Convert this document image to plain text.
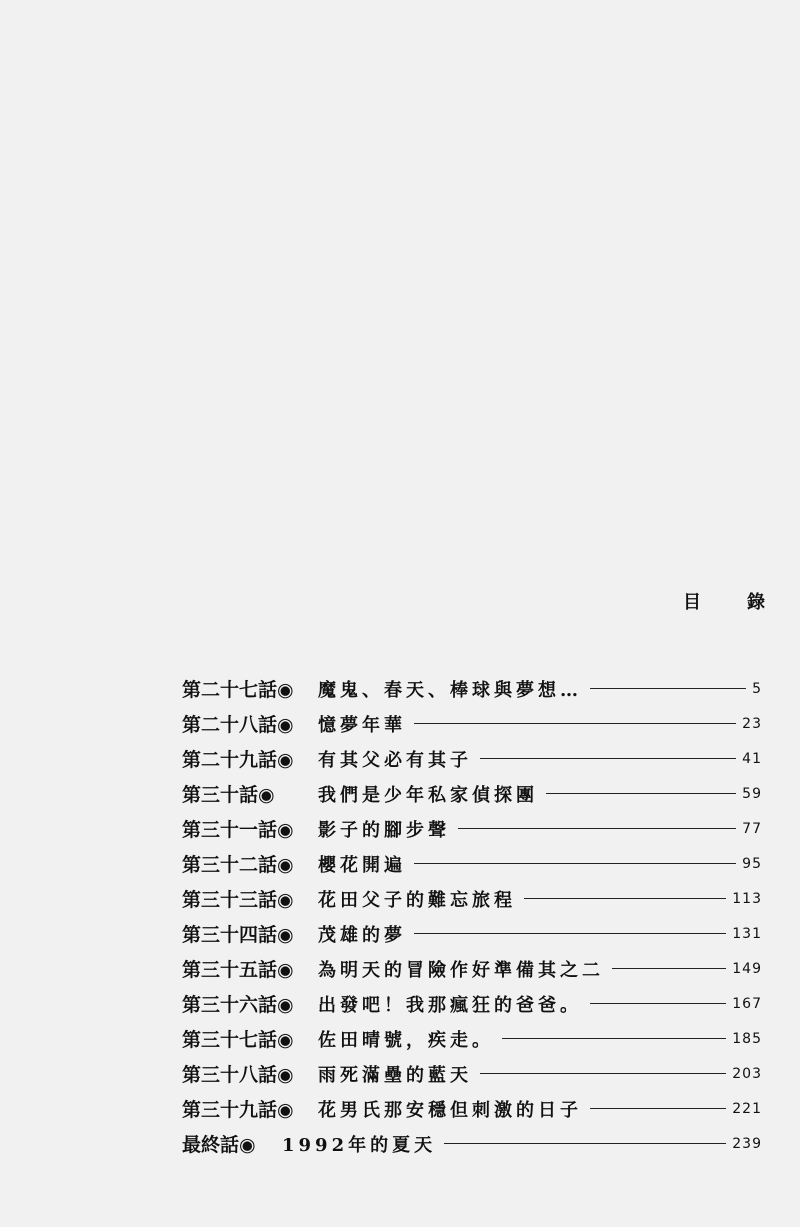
目　錄
第二十七話◉	魔鬼、春天、棒球與夢想…	5
第二十八話◉	憶夢年華	23
第二十九話◉	有其父必有其子	41
第三十話◉	我們是少年私家偵探團	59
第三十一話◉	影子的腳步聲	77
第三十二話◉	櫻花開遍	95
第三十三話◉	花田父子的難忘旅程	113
第三十四話◉	茂雄的夢	131
第三十五話◉	為明天的冒險作好準備其之二	149
第三十六話◉	出發吧！我那瘋狂的爸爸。	167
第三十七話◉	佐田晴號，疾走。	185
第三十八話◉	雨死滿壘的藍天	203
第三十九話◉	花男氏那安穩但刺激的日子	221
最終話◉	1992年的夏天	239
